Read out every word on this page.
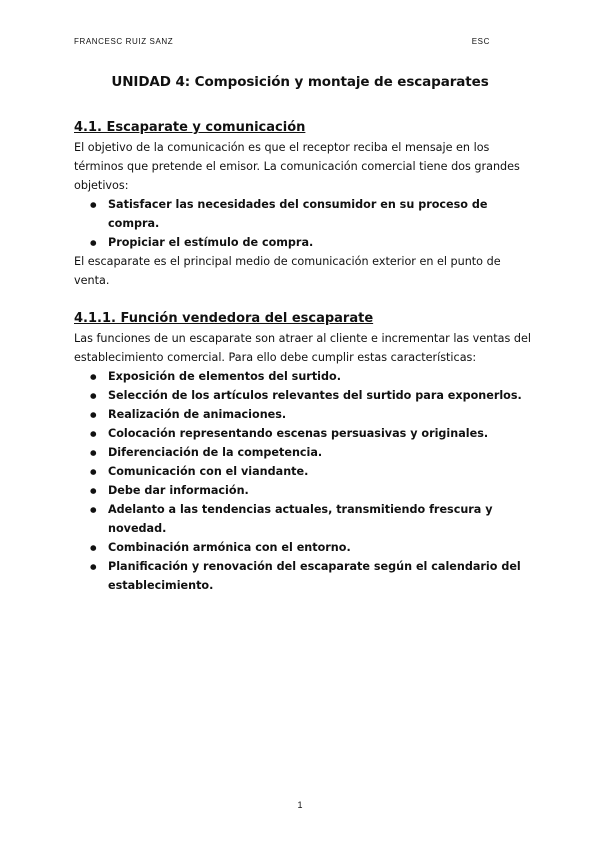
FRANCESC RUIZ SANZ	ESC
UNIDAD 4: Composición y montaje de escaparates
4.1. Escaparate y comunicación

El objetivo de la comunicación es que el receptor reciba el mensaje en los términos que pretende el emisor. La comunicación comercial tiene dos grandes objetivos:

● Satisfacer las necesidades del consumidor en su proceso de compra.
● Propiciar el estímulo de compra.

El escaparate es el principal medio de comunicación exterior en el punto de venta.

4.1.1. Función vendedora del escaparate

Las funciones de un escaparate son atraer al cliente e incrementar las ventas del establecimiento comercial. Para ello debe cumplir estas características:

● Exposición de elementos del surtido.
● Selección de los artículos relevantes del surtido para exponerlos.
● Realización de animaciones.
● Colocación representando escenas persuasivas y originales.
● Diferenciación de la competencia.
● Comunicación con el viandante.
● Debe dar información.
● Adelanto a las tendencias actuales, transmitiendo frescura y novedad.
● Combinación armónica con el entorno.
● Planificación y renovación del escaparate según el calendario del establecimiento.
1
